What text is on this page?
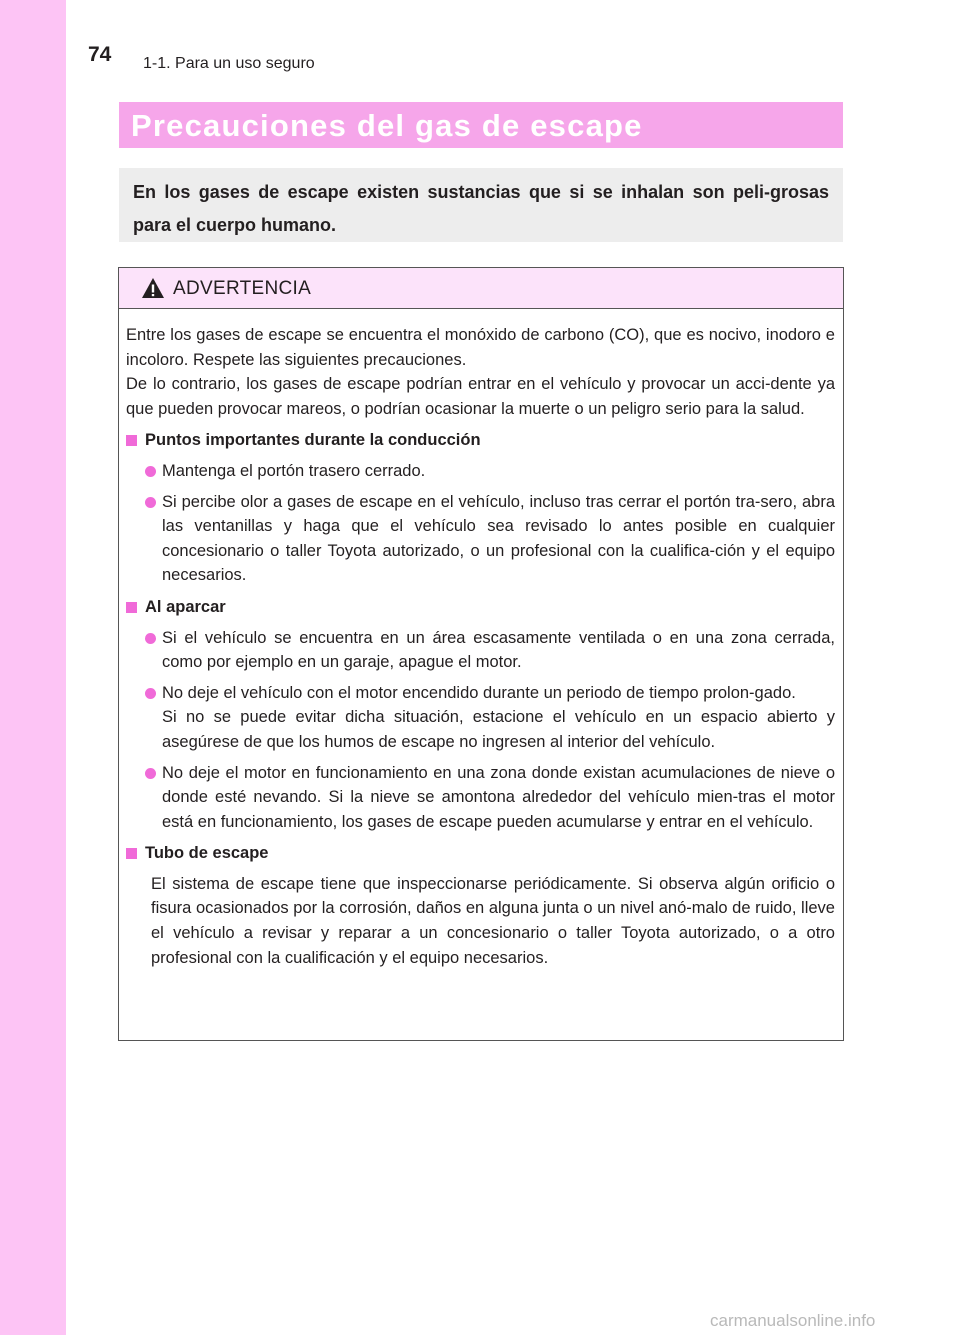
74 1-1. Para un uso seguro
Precauciones del gas de escape
En los gases de escape existen sustancias que si se inhalan son peli-grosas para el cuerpo humano.
ADVERTENCIA

Entre los gases de escape se encuentra el monóxido de carbono (CO), que es nocivo, inodoro e incoloro. Respete las siguientes precauciones.

De lo contrario, los gases de escape podrían entrar en el vehículo y provocar un acci-dente ya que pueden provocar mareos, o podrían ocasionar la muerte o un peligro serio para la salud.

Puntos importantes durante la conducción
Mantenga el portón trasero cerrado.
Si percibe olor a gases de escape en el vehículo, incluso tras cerrar el portón tra-sero, abra las ventanillas y haga que el vehículo sea revisado lo antes posible en cualquier concesionario o taller Toyota autorizado, o un profesional con la cualifica-ción y el equipo necesarios.
Al aparcar
Si el vehículo se encuentra en un área escasamente ventilada o en una zona cerrada, como por ejemplo en un garaje, apague el motor.
No deje el vehículo con el motor encendido durante un periodo de tiempo prolon-gado.
Si no se puede evitar dicha situación, estacione el vehículo en un espacio abierto y asegúrese de que los humos de escape no ingresen al interior del vehículo.
No deje el motor en funcionamiento en una zona donde existan acumulaciones de nieve o donde esté nevando. Si la nieve se amontona alrededor del vehículo mien-tras el motor está en funcionamiento, los gases de escape pueden acumularse y entrar en el vehículo.
Tubo de escape

El sistema de escape tiene que inspeccionarse periódicamente. Si observa algún orificio o fisura ocasionados por la corrosión, daños en alguna junta o un nivel anó-malo de ruido, lleve el vehículo a revisar y reparar a un concesionario o taller Toyota autorizado, o a otro profesional con la cualificación y el equipo necesarios.

carmanualsonline.info
